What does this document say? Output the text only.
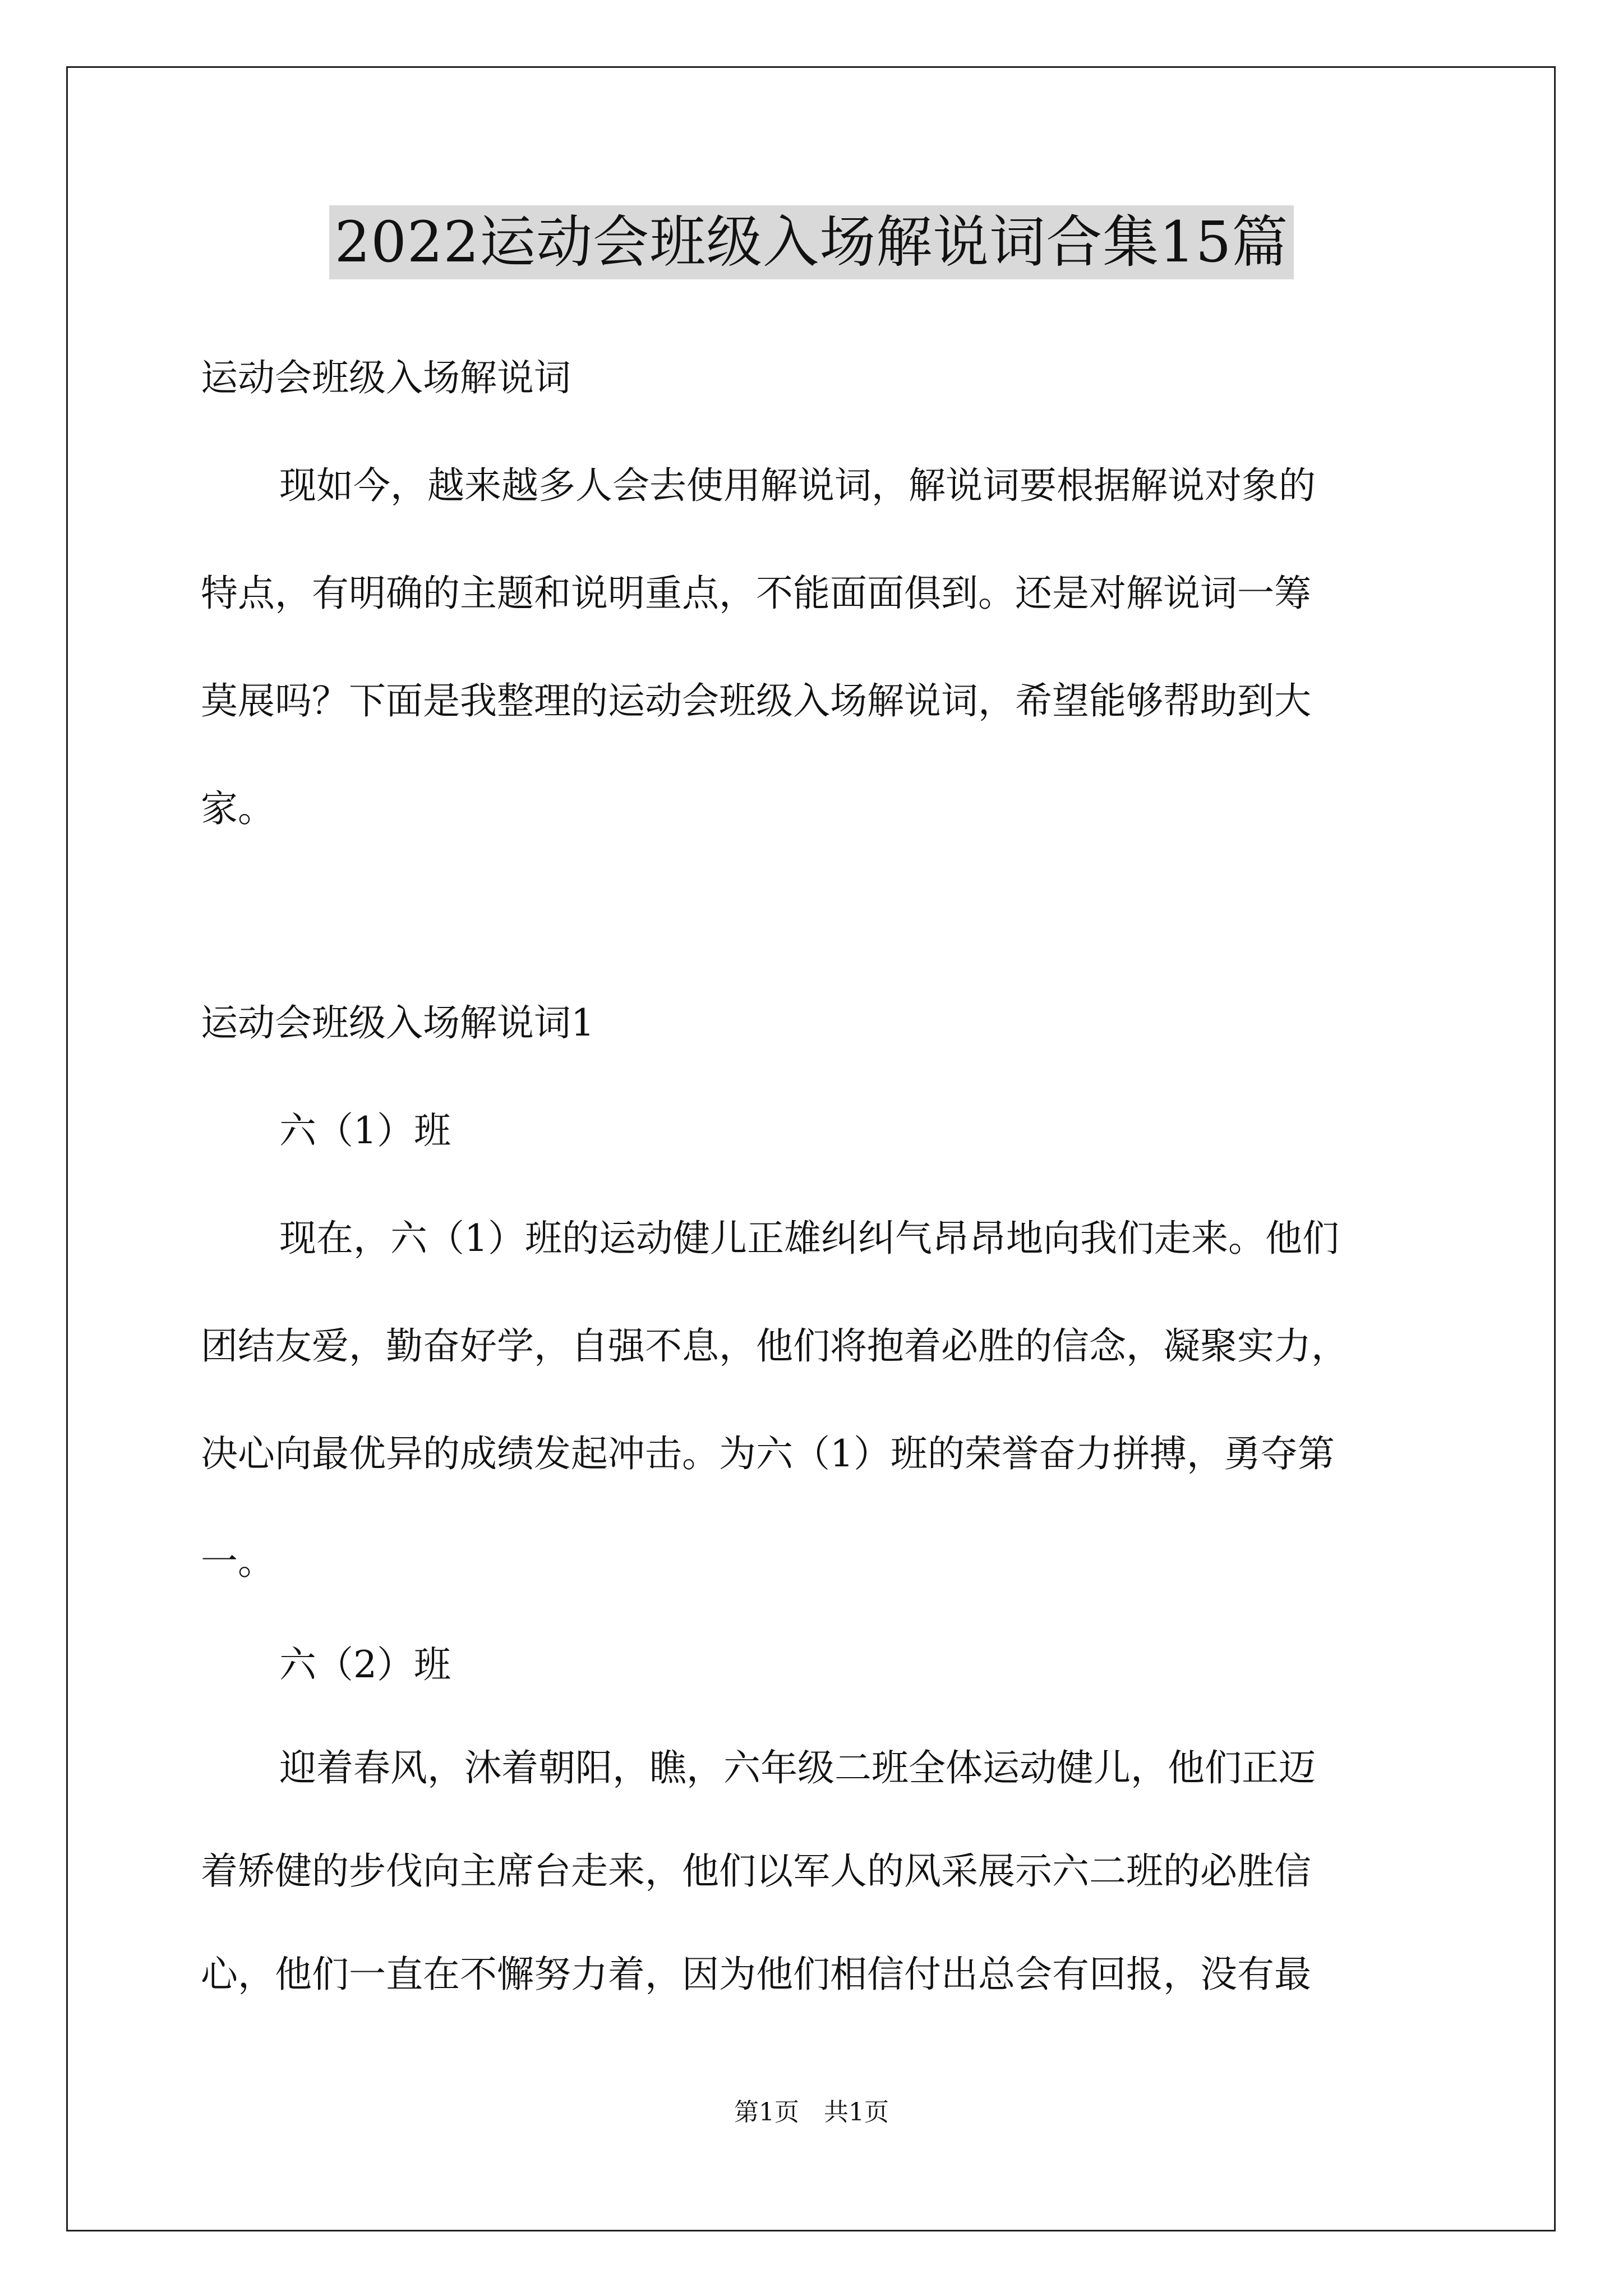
2022运动会班级入场解说词合集15篇
运动会班级入场解说词
现如今，越来越多人会去使用解说词，解说词要根据解说对象的
特点，有明确的主题和说明重点，不能面面俱到。还是对解说词一筹
莫展吗？下面是我整理的运动会班级入场解说词，希望能够帮助到大
家。
运动会班级入场解说词1
六（1）班
现在，六（1）班的运动健儿正雄纠纠气昂昂地向我们走来。他们
团结友爱，勤奋好学，自强不息，他们将抱着必胜的信念，凝聚实力，
决心向最优异的成绩发起冲击。为六（1）班的荣誉奋力拼搏，勇夺第
一。
六（2）班
迎着春风，沐着朝阳，瞧，六年级二班全体运动健儿，他们正迈
着矫健的步伐向主席台走来，他们以军人的风采展示六二班的必胜信
心，他们一直在不懈努力着，因为他们相信付出总会有回报，没有最
第1页　共1页
